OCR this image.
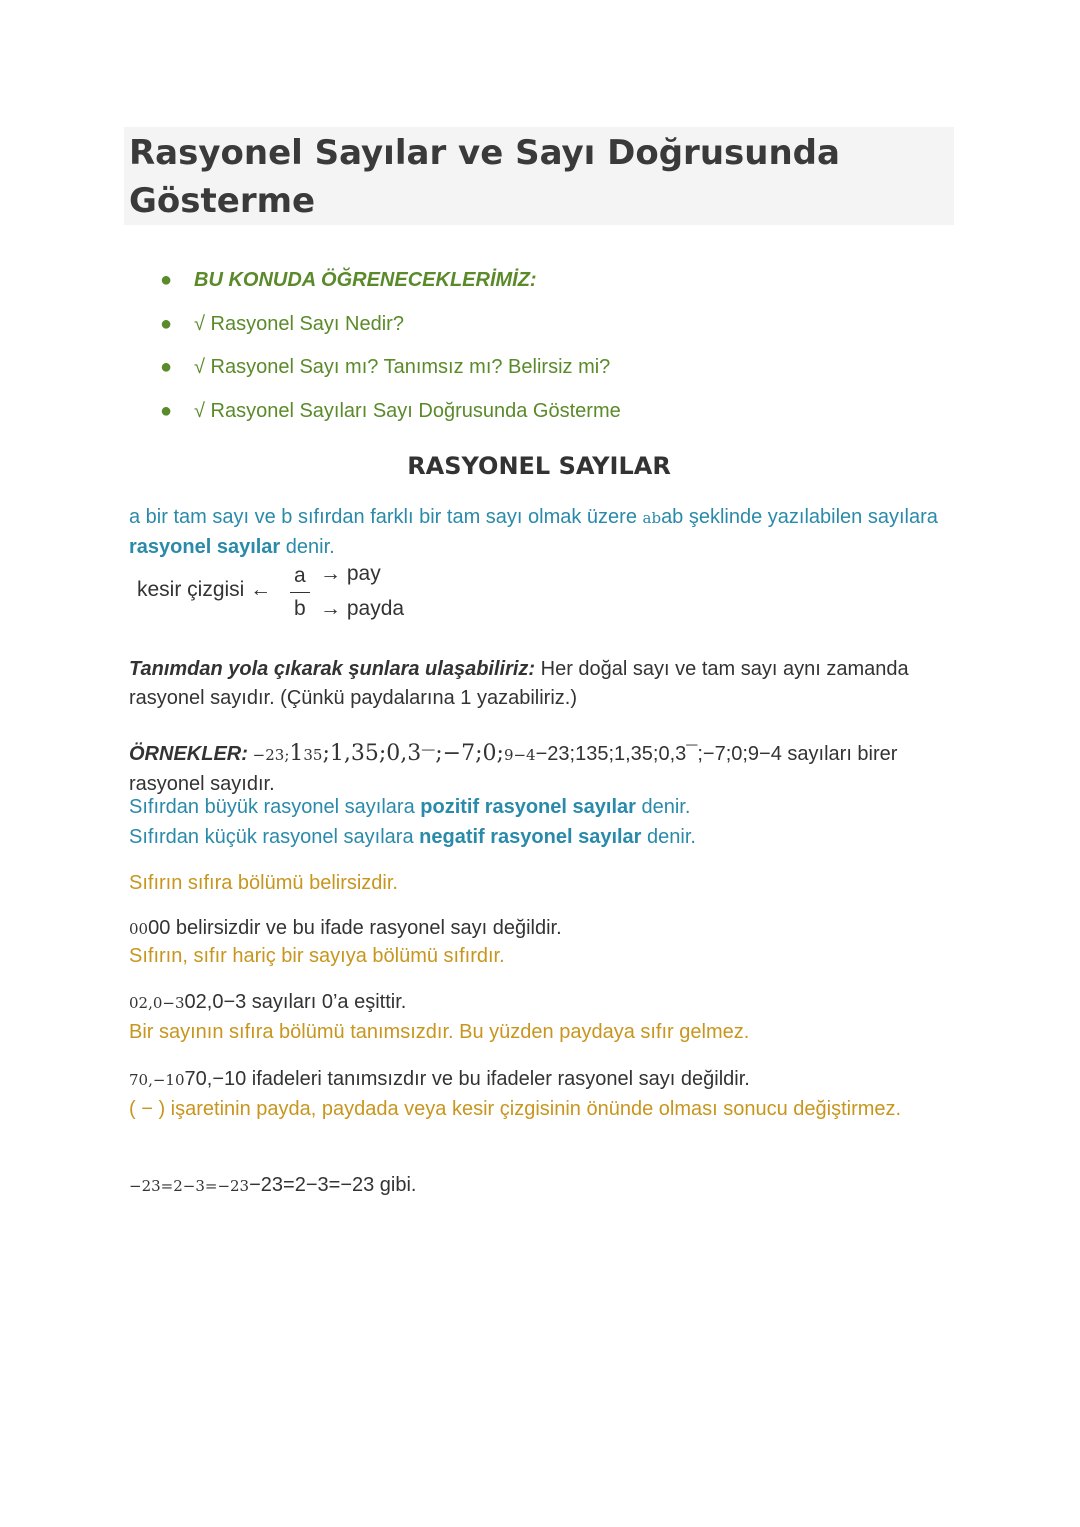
Rasyonel Sayılar ve Sayı Doğrusunda Gösterme
● BU KONUDA ÖĞRENECEKLERİMİZ:
● √ Rasyonel Sayı Nedir?
● √ Rasyonel Sayı mı? Tanımsız mı? Belirsiz mi?
● √ Rasyonel Sayıları Sayı Doğrusunda Gösterme
RASYONEL SAYILAR

a bir tam sayı ve b sıfırdan farklı bir tam sayı olmak üzere abab şeklinde yazılabilen sayılara rasyonel sayılar denir.

kesir çizgisi ←
a
b
→ pay
→ payda

Tanımdan yola çıkarak şunlara ulaşabiliriz: Her doğal sayı ve tam sayı aynı zamanda rasyonel sayıdır. (Çünkü paydalarına 1 yazabiliriz.)

ÖRNEKLER: −23;135;1,35;0,3—;−7;0;9−4−23;135;1,35;0,3¯;−7;0;9−4 sayıları birer rasyonel sayıdır.

Sıfırdan büyük rasyonel sayılara pozitif rasyonel sayılar denir.

Sıfırdan küçük rasyonel sayılara negatif rasyonel sayılar denir.

Sıfırın sıfıra bölümü belirsizdir.

0000 belirsizdir ve bu ifade rasyonel sayı değildir.

Sıfırın, sıfır hariç bir sayıya bölümü sıfırdır.

02,0−302,0−3 sayıları 0’a eşittir.

Bir sayının sıfıra bölümü tanımsızdır. Bu yüzden paydaya sıfır gelmez.

70,−1070,−10 ifadeleri tanımsızdır ve bu ifadeler rasyonel sayı değildir.

( − ) işaretinin payda, paydada veya kesir çizgisinin önünde olması sonucu değiştirmez.

−23=2−3=−23−23=2−3=−23 gibi.
